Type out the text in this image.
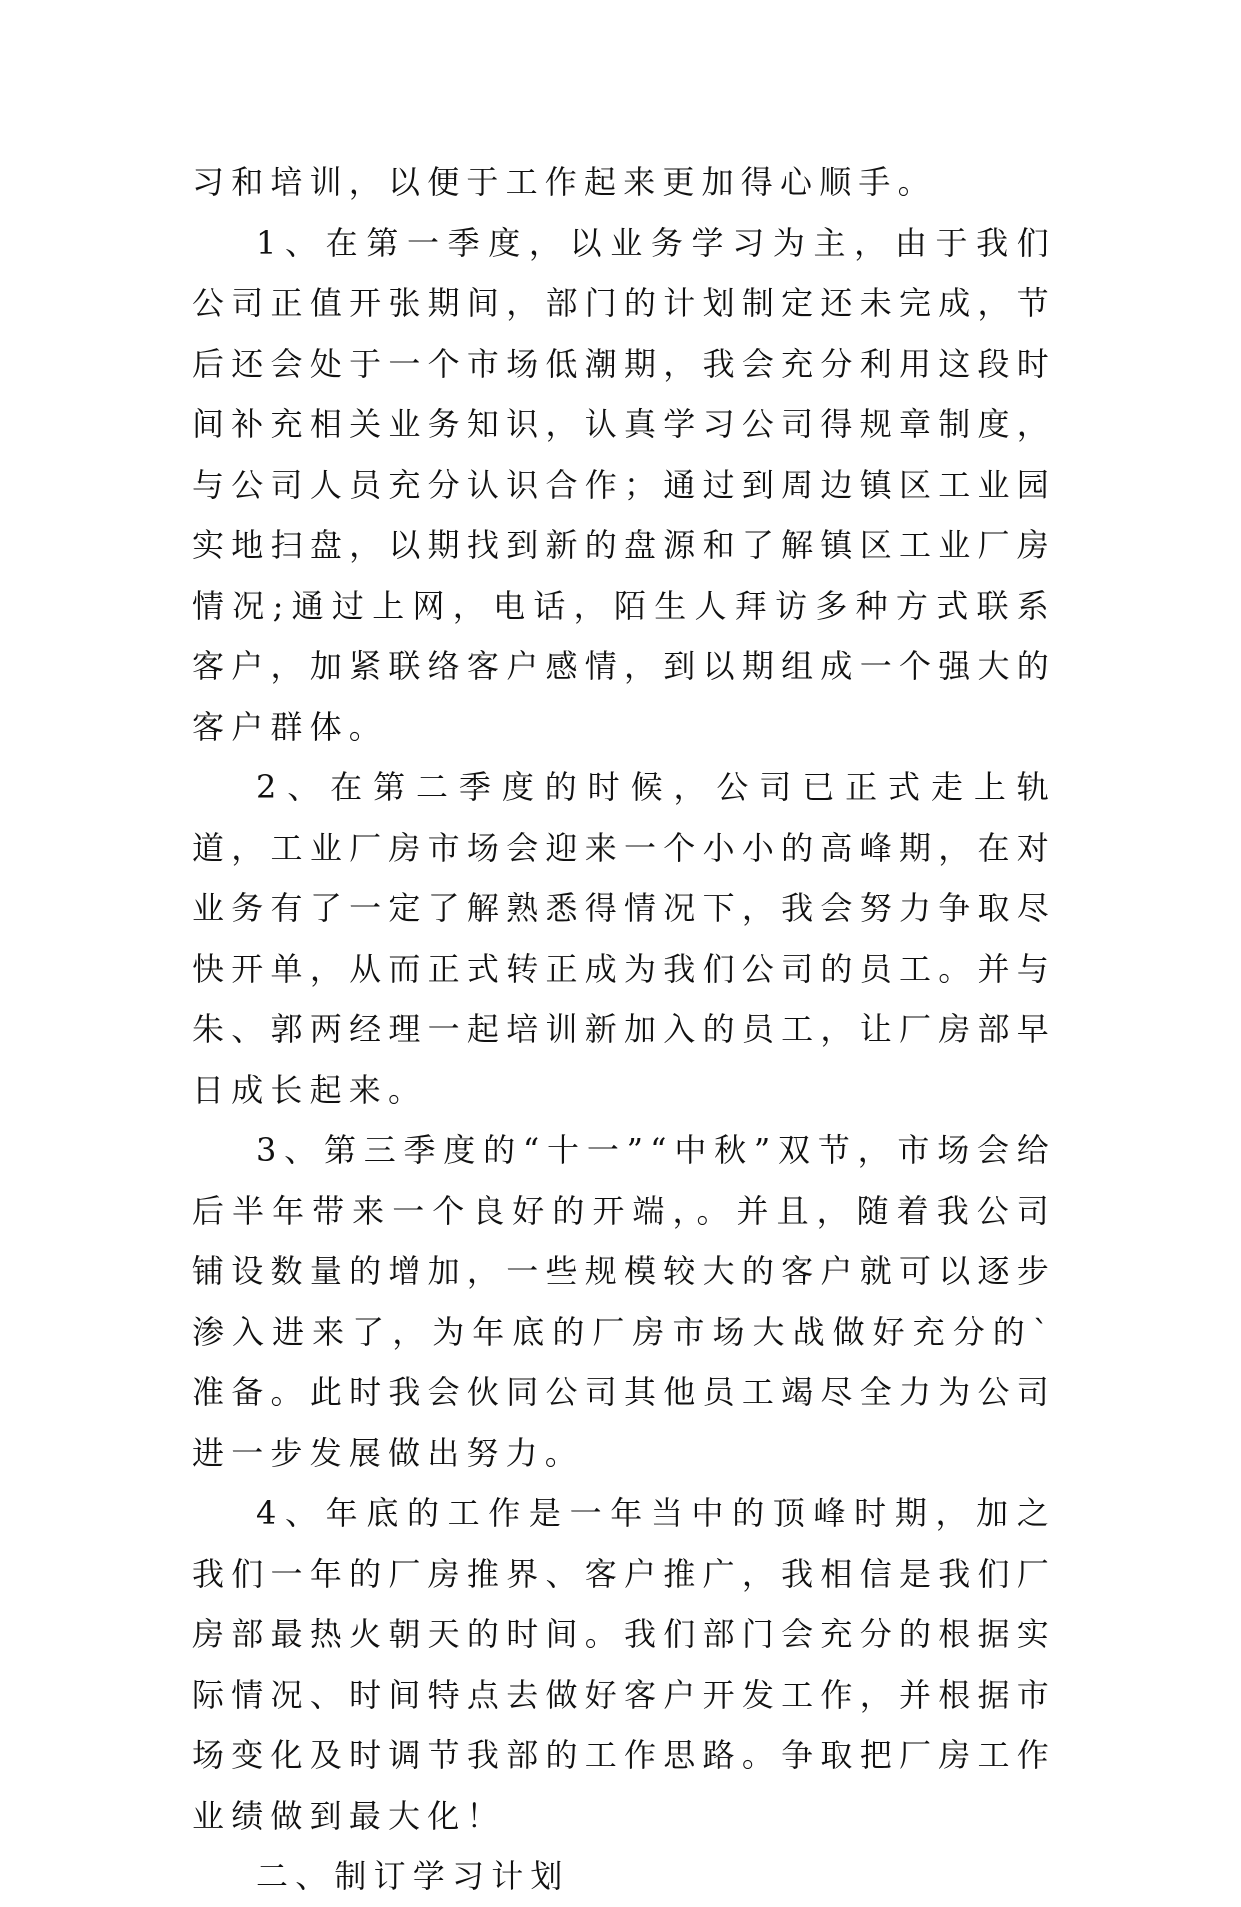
习和培训，以便于工作起来更加得心顺手。

1、在第一季度，以业务学习为主，由于我们公司正值开张期间，部门的计划制定还未完成，节后还会处于一个市场低潮期，我会充分利用这段时间补充相关业务知识，认真学习公司得规章制度，与公司人员充分认识合作；通过到周边镇区工业园实地扫盘，以期找到新的盘源和了解镇区工业厂房情况;通过上网，电话，陌生人拜访多种方式联系客户，加紧联络客户感情，到以期组成一个强大的客户群体。

2、在第二季度的时候，公司已正式走上轨道，工业厂房市场会迎来一个小小的高峰期，在对业务有了一定了解熟悉得情况下，我会努力争取尽快开单，从而正式转正成为我们公司的员工。并与朱、郭两经理一起培训新加入的员工，让厂房部早日成长起来。

3、第三季度的“十一”“中秋”双节，市场会给后半年带来一个良好的开端，。并且，随着我公司铺设数量的增加，一些规模较大的客户就可以逐步渗入进来了，为年底的厂房市场大战做好充分的`准备。此时我会伙同公司其他员工竭尽全力为公司进一步发展做出努力。

4、年底的工作是一年当中的顶峰时期，加之我们一年的厂房推界、客户推广，我相信是我们厂房部最热火朝天的时间。我们部门会充分的根据实际情况、时间特点去做好客户开发工作，并根据市场变化及时调节我部的工作思路。争取把厂房工作业绩做到最大化！

二、制订学习计划
